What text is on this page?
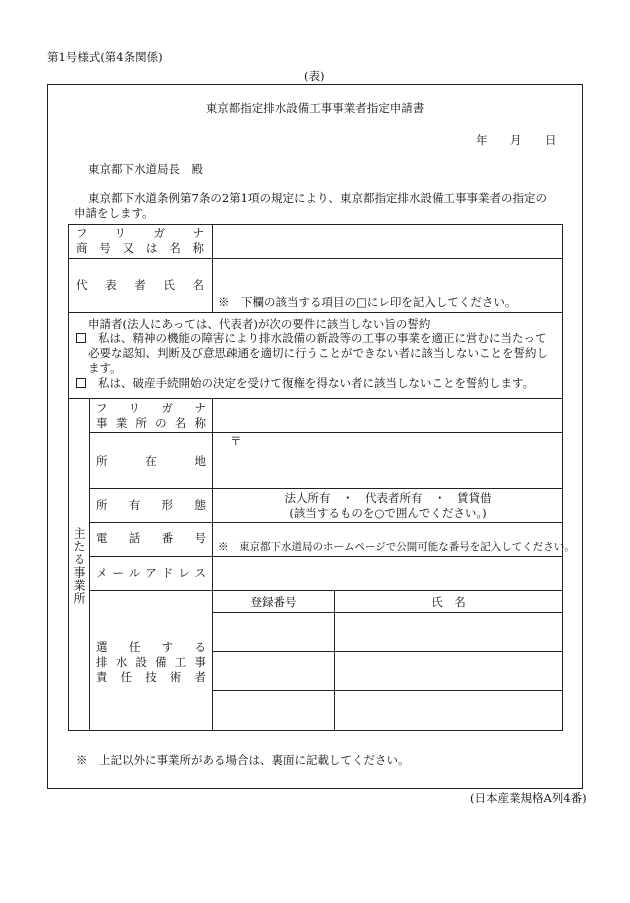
第1号様式(第4条関係)
(表)
東京都指定排水設備工事事業者指定申請書
年 月 日
東京都下水道局長　殿
東京都下水道条例第7条の2第1項の規定により、東京都指定排水設備工事事業者の指定の
申請をします。
フリガナ
商号又は名称
代表者氏名
※　下欄の該当する項目の□にレ印を記入してください。
申請者(法人にあっては、代表者)が次の要件に該当しない旨の誓約
私は、精神の機能の障害により排水設備の新設等の工事の事業を適正に営むに当たって
必要な認知、判断及び意思疎通を適切に行うことができない者に該当しないことを誓約し
ます。
私は、破産手続開始の決定を受けて復権を得ない者に該当しないことを誓約します。
主たる事業所
フリガナ
事業所の名称
所在地
〒
所有形態	法人所有　・　代表者所有　・　賃貸借
(該当するものを○で囲んでください。)
電話番号
※　東京都下水道局のホームページで公開可能な番号を記入してください。
メールアドレス
登録番号	氏　名
選任する
排水設備工事
責任技術者
※　上記以外に事業所がある場合は、裏面に記載してください。
(日本産業規格A列4番)
